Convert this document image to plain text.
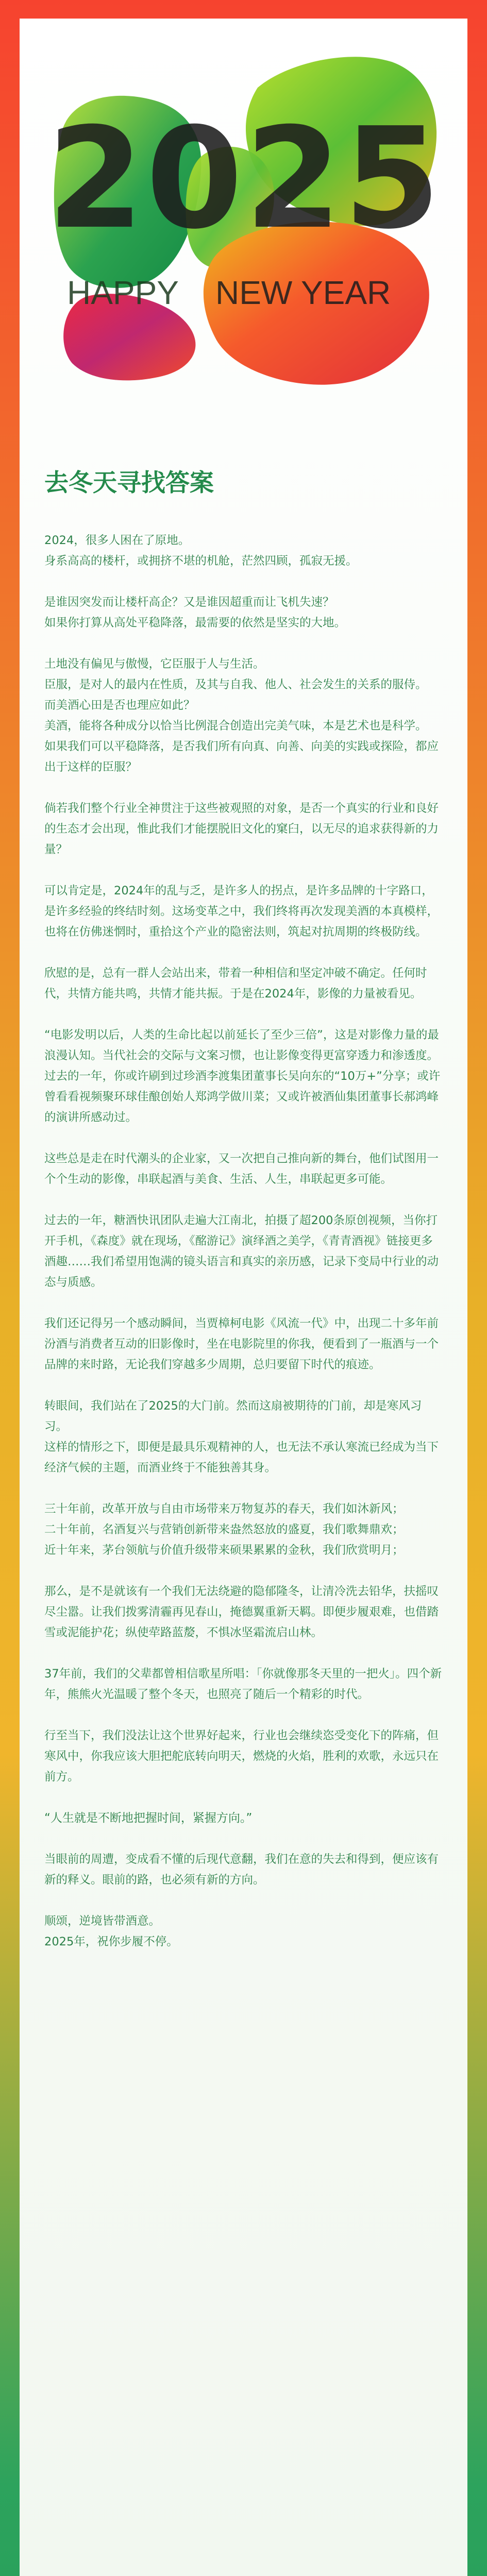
2025
HAPPY NEW YEAR
去冬天寻找答案

2024，很多人困在了原地。
身系高高的楼杆，或拥挤不堪的机舱，茫然四顾，孤寂无援。

是谁因突发而让楼杆高企？又是谁因超重而让飞机失速？
如果你打算从高处平稳降落，最需要的依然是坚实的大地。

土地没有偏见与傲慢，它臣服于人与生活。
臣服，是对人的最内在性质，及其与自我、他人、社会发生的关系的服侍。
而美酒心田是否也理应如此？
美酒，能将各种成分以恰当比例混合创造出完美气味，本是艺术也是科学。
如果我们可以平稳降落，是否我们所有向真、向善、向美的实践或探险，都应出于这样的臣服？

倘若我们整个行业全神贯注于这些被观照的对象，是否一个真实的行业和良好的生态才会出现，惟此我们才能摆脱旧文化的窠臼，以无尽的追求获得新的力量？

可以肯定是，2024年的乱与乏，是许多人的拐点，是许多品牌的十字路口，是许多经验的终结时刻。这场变革之中，我们终将再次发现美酒的本真模样，也将在仿佛迷惘时，重拾这个产业的隐密法则，筑起对抗周期的终极防线。

欣慰的是，总有一群人会站出来，带着一种相信和坚定冲破不确定。任何时代，共情方能共鸣，共情才能共振。于是在2024年，影像的力量被看见。

“电影发明以后，人类的生命比起以前延长了至少三倍”，这是对影像力量的最浪漫认知。当代社会的交际与文案习惯，也让影像变得更富穿透力和渗透度。
过去的一年，你或许刷到过珍酒李渡集团董事长吴向东的“10万+”分享；或许曾看看视频聚环球佳酿创始人郑鸿学做川菜；又或许被酒仙集团董事长郝鸿峰的演讲所感动过。

这些总是走在时代潮头的企业家，又一次把自己推向新的舞台，他们试图用一个个生动的影像，串联起酒与美食、生活、人生，串联起更多可能。

过去的一年，糖酒快讯团队走遍大江南北，拍摄了超200条原创视频，当你打开手机，《森度》就在现场，《酩游记》演绎酒之美学，《青青酒视》链接更多酒趣……我们希望用饱满的镜头语言和真实的亲历感，记录下变局中行业的动态与质感。

我们还记得另一个感动瞬间，当贾樟柯电影《风流一代》中，出现二十多年前汾酒与消费者互动的旧影像时，坐在电影院里的你我，便看到了一瓶酒与一个品牌的来时路，无论我们穿越多少周期，总归要留下时代的痕迹。

转眼间，我们站在了2025的大门前。然而这扇被期待的门前，却是寒风习习。
这样的情形之下，即便是最具乐观精神的人，也无法不承认寒流已经成为当下经济气候的主题，而酒业终于不能独善其身。

三十年前，改革开放与自由市场带来万物复苏的春天，我们如沐新风；
二十年前，名酒复兴与营销创新带来盎然怒放的盛夏，我们歌舞鼎欢；
近十年来，茅台领航与价值升级带来硕果累累的金秋，我们欣赏明月；

那么，是不是就该有一个我们无法绕避的隐郁隆冬，让清冷洗去铅华，扶摇叹尽尘嚣。让我们拨雾清霾再见春山，掩德翼重新天羁。即便步履艰难，也借踏雪或泥能护花；纵使荦路蓝嫠，不惧冰坚霜流启山林。

37年前，我们的父辈都曾相信歌星所唱：「你就像那冬天里的一把火」。四个新年，熊熊火光温暖了整个冬天，也照亮了随后一个精彩的时代。

行至当下，我们没法让这个世界好起来，行业也会继续恣受变化下的阵痛，但寒风中，你我应该大胆把舵底转向明天，燃烧的火焰，胜利的欢歌，永远只在前方。

“人生就是不断地把握时间，紧握方向。”

当眼前的周遭，变成看不懂的后现代意翻，我们在意的失去和得到，便应该有新的释义。眼前的路，也必须有新的方向。

顺颂，逆境皆带酒意。
2025年，祝你步履不停。
